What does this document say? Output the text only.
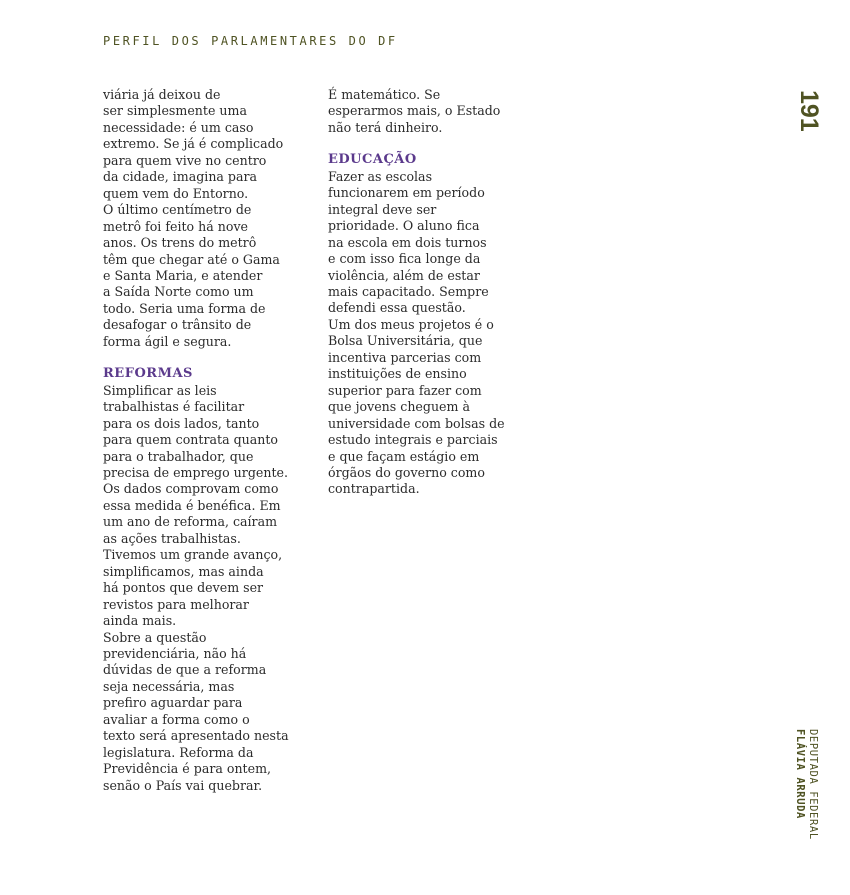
PERFIL DOS PARLAMENTARES DO DF
viária já deixou de
ser simplesmente uma
necessidade: é um caso
extremo. Se já é complicado
para quem vive no centro
da cidade, imagina para
quem vem do Entorno.
O último centímetro de
metrô foi feito há nove
anos. Os trens do metrô
têm que chegar até o Gama
e Santa Maria, e atender
a Saída Norte como um
todo. Seria uma forma de
desafogar o trânsito de
forma ágil e segura.
REFORMAS
Simplificar as leis
trabalhistas é facilitar
para os dois lados, tanto
para quem contrata quanto
para o trabalhador, que
precisa de emprego urgente.
Os dados comprovam como
essa medida é benéfica. Em
um ano de reforma, caíram
as ações trabalhistas.
Tivemos um grande avanço,
simplificamos, mas ainda
há pontos que devem ser
revistos para melhorar
ainda mais.
Sobre a questão
previdenciária, não há
dúvidas de que a reforma
seja necessária, mas
prefiro aguardar para
avaliar a forma como o
texto será apresentado nesta
legislatura. Reforma da
Previdência é para ontem,
senão o País vai quebrar.
É matemático. Se
esperarmos mais, o Estado
não terá dinheiro.
EDUCAÇÃO
Fazer as escolas
funcionarem em período
integral deve ser
prioridade. O aluno fica
na escola em dois turnos
e com isso fica longe da
violência, além de estar
mais capacitado. Sempre
defendi essa questão.
Um dos meus projetos é o
Bolsa Universitária, que
incentiva parcerias com
instituições de ensino
superior para fazer com
que jovens cheguem à
universidade com bolsas de
estudo integrais e parciais
e que façam estágio em
órgãos do governo como
contrapartida.
191
DEPUTADA FEDERAL
FLÁVIA ARRUDA
